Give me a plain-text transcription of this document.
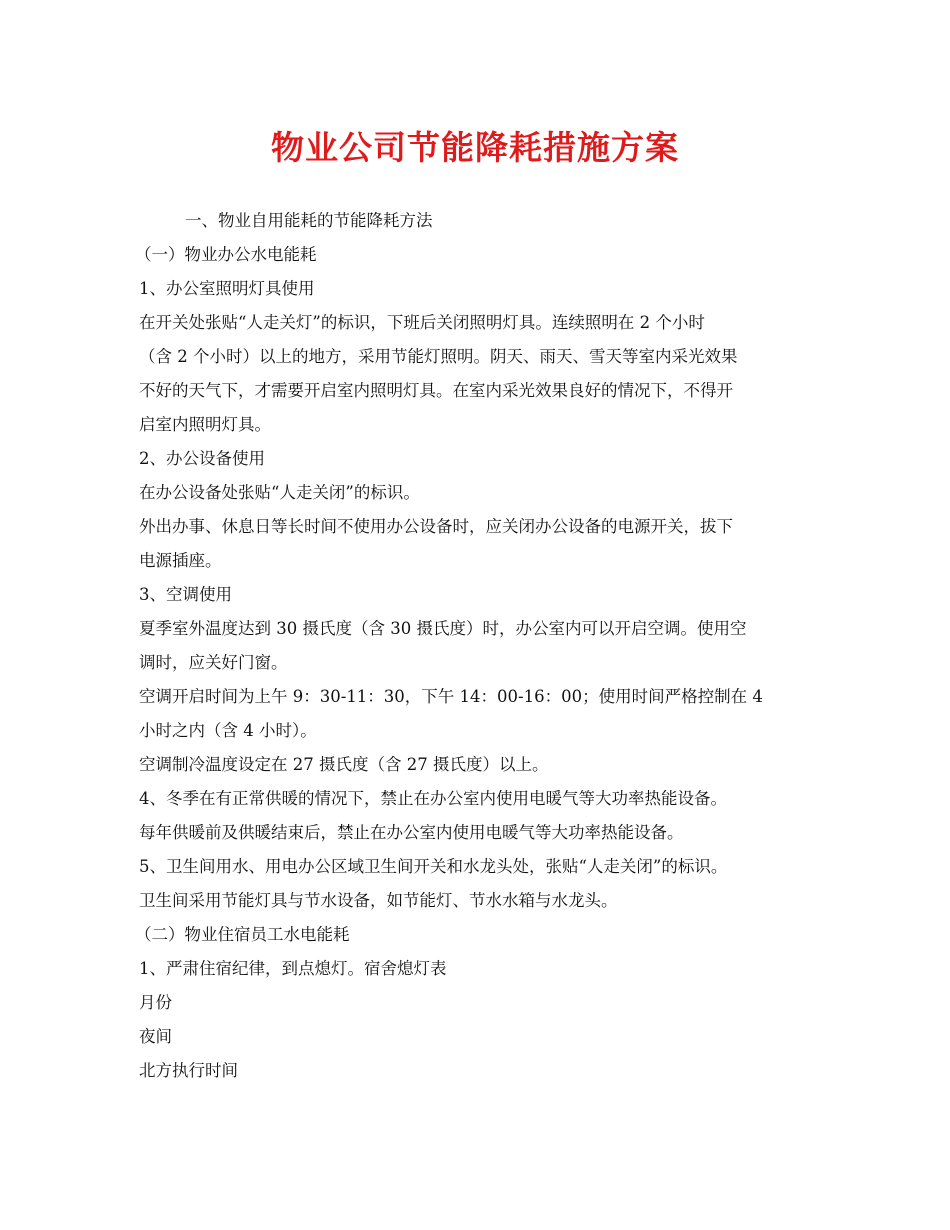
物业公司节能降耗措施方案
一、物业自用能耗的节能降耗方法
（一）物业办公水电能耗
1、办公室照明灯具使用
在开关处张贴“人走关灯”的标识，下班后关闭照明灯具。连续照明在 2 个小时
（含 2 个小时）以上的地方，采用节能灯照明。阴天、雨天、雪天等室内采光效果
不好的天气下，才需要开启室内照明灯具。在室内采光效果良好的情况下，不得开
启室内照明灯具。
2、办公设备使用
在办公设备处张贴“人走关闭”的标识。
外出办事、休息日等长时间不使用办公设备时，应关闭办公设备的电源开关，拔下
电源插座。
3、空调使用
夏季室外温度达到 30 摄氏度（含 30 摄氏度）时，办公室内可以开启空调。使用空
调时，应关好门窗。
空调开启时间为上午 9：30-11：30，下午 14：00-16：00；使用时间严格控制在 4
小时之内（含 4 小时）。
空调制冷温度设定在 27 摄氏度（含 27 摄氏度）以上。
4、冬季在有正常供暖的情况下，禁止在办公室内使用电暖气等大功率热能设备。
每年供暖前及供暖结束后，禁止在办公室内使用电暖气等大功率热能设备。
5、卫生间用水、用电办公区域卫生间开关和水龙头处，张贴“人走关闭”的标识。
卫生间采用节能灯具与节水设备，如节能灯、节水水箱与水龙头。
（二）物业住宿员工水电能耗
1、严肃住宿纪律，到点熄灯。宿舍熄灯表
月份
夜间
北方执行时间
